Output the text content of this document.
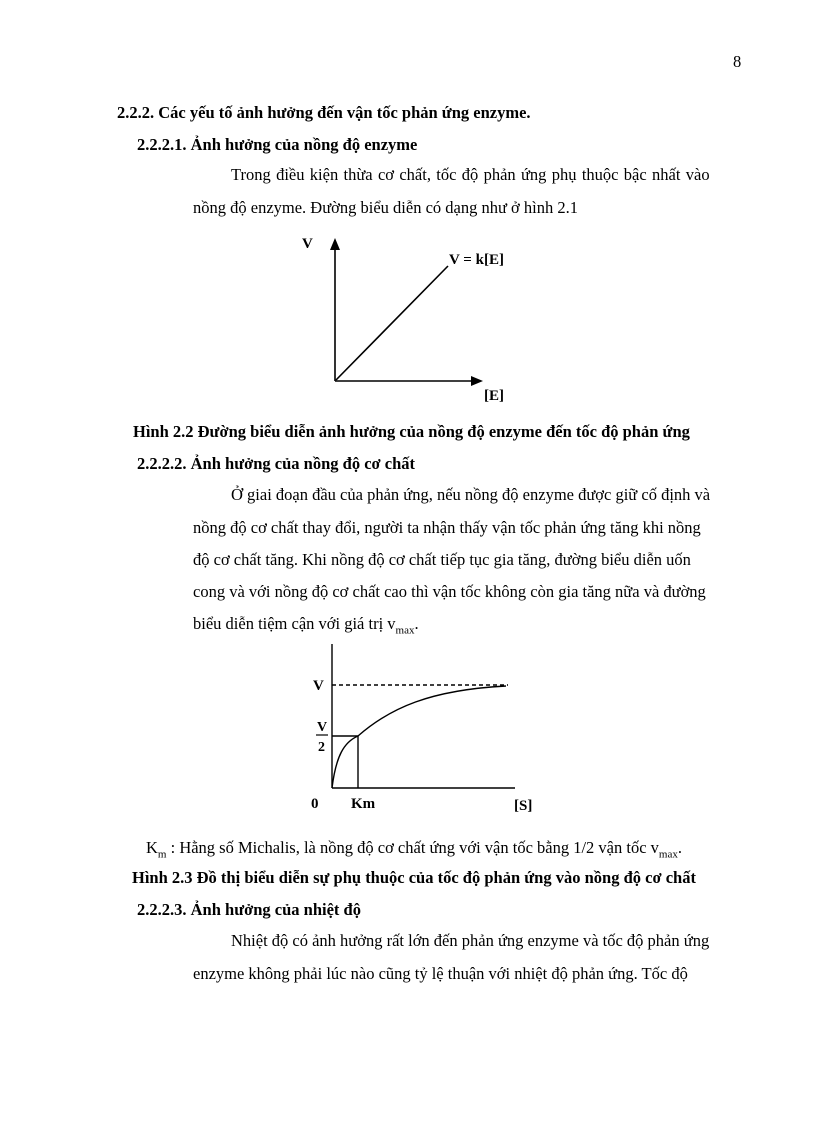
8
2.2.2. Các yếu tố ảnh hưởng đến vận tốc phản ứng enzyme.
2.2.2.1. Ảnh hưởng của nồng độ enzyme
Trong điều kiện thừa cơ chất, tốc độ phản ứng phụ thuộc bậc nhất vào
nồng độ enzyme. Đường biểu diễn có dạng như ở hình 2.1
V
V = k[E]
[E]
Hình 2.2 Đường biểu diễn ảnh hưởng của nồng độ enzyme đến tốc độ phản ứng
2.2.2.2. Ảnh hưởng của nồng độ cơ chất
Ở giai đoạn đầu của phản ứng, nếu nồng độ enzyme được giữ cố định và
nồng độ cơ chất thay đổi, người ta nhận thấy vận tốc phản ứng tăng khi nồng
độ cơ chất tăng. Khi nồng độ cơ chất tiếp tục gia tăng, đường biểu diễn uốn
cong và với nồng độ cơ chất cao thì vận tốc không còn gia tăng nữa và đường
biểu diễn tiệm cận với giá trị $v_{max}$.
V
V
2
0 Km	[S]
$K_m$ : Hằng số Michalis, là nồng độ cơ chất ứng với vận tốc bằng 1/2 vận tốc $v_{max}$.
Hình 2.3 Đồ thị biểu diễn sự phụ thuộc của tốc độ phản ứng vào nồng độ cơ chất
2.2.2.3. Ảnh hưởng của nhiệt độ
Nhiệt độ có ảnh hưởng rất lớn đến phản ứng enzyme và tốc độ phản ứng
enzyme không phải lúc nào cũng tỷ lệ thuận với nhiệt độ phản ứng. Tốc độ
